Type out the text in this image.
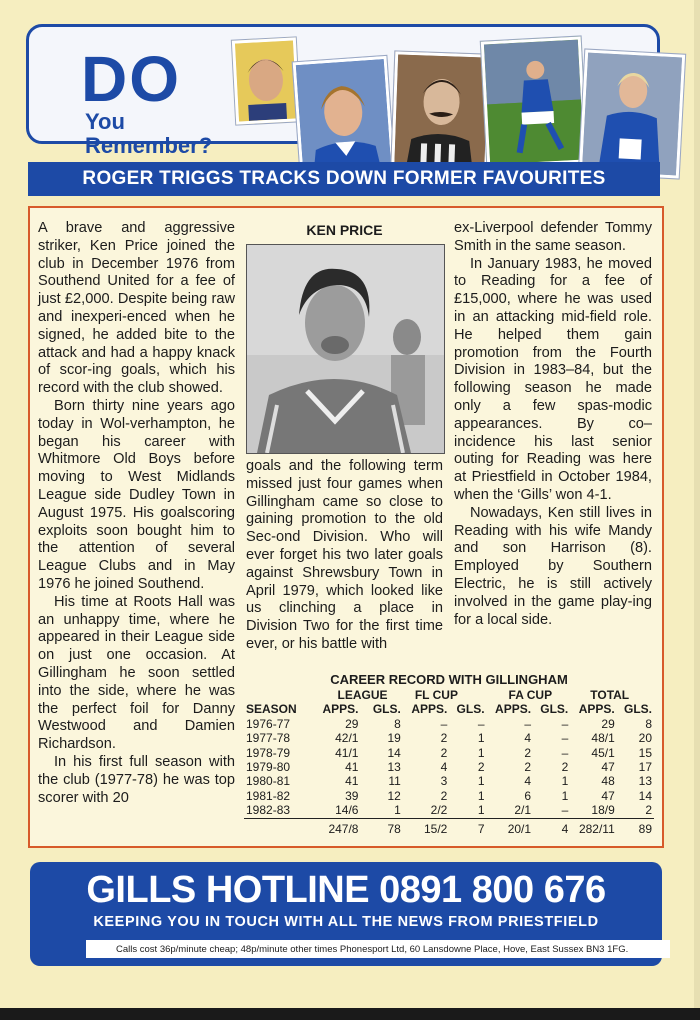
DO
You
Remember?
ROGER TRIGGS TRACKS DOWN FORMER FAVOURITES

A brave and aggressive striker, Ken Price joined the club in December 1976 from Southend United for a fee of just £2,000. Despite being raw and inexperi-enced when he signed, he added bite to the attack and had a happy knack of scor-ing goals, which his record with the club showed.

Born thirty nine years ago today in Wol-verhampton, he began his career with Whitmore Old Boys before moving to West Midlands League side Dudley Town in August 1975. His goalscoring exploits soon bought him to the attention of several League Clubs and in May 1976 he joined Southend.

His time at Roots Hall was an unhappy time, where he appeared in their League side on just one occasion. At Gillingham he soon settled into the side, where he was the perfect foil for Danny Westwood and Damien Richardson.

In his first full season with the club (1977-78) he was top scorer with 20

KEN PRICE

goals and the following term missed just four games when Gillingham came so close to gaining promotion to the old Sec-ond Division. Who will ever forget his two later goals against Shrewsbury Town in April 1979, which looked like us clinching a place in Division Two for the first time ever, or his battle with

ex-Liverpool defender Tommy Smith in the same season.

In January 1983, he moved to Reading for a fee of £15,000, where he was used in an attacking mid-field role. He helped them gain promotion from the Fourth Division in 1983–84, but the following season he made only a few spas-modic appearances. By co–incidence his last senior outing for Reading was here at Priestfield in October 1984, when the ‘Gills’ won 4-1.

Nowadays, Ken still lives in Reading with his wife Mandy and son Harrison (8). Employed by Southern Electric, he is still actively involved in the game play-ing for a local side.

CAREER RECORD WITH GILLINGHAM
	LEAGUE		FL CUP		FA CUP		TOTAL	
SEASON	APPS.	GLS.	APPS.	GLS.	APPS.	GLS.	APPS.	GLS.
1976-77	29	8	–	–	–	–	29	8
1977-78	42/1	19	2	1	4	–	48/1	20
1978-79	41/1	14	2	1	2	–	45/1	15
1979-80	41	13	4	2	2	2	47	17
1980-81	41	11	3	1	4	1	48	13
1981-82	39	12	2	1	6	1	47	14
1982-83	14/6	1	2/2	1	2/1	–	18/9	2
	247/8	78	15/2	7	20/1	4	282/11	89
GILLS HOTLINE 0891 800 676
KEEPING YOU IN TOUCH WITH ALL THE NEWS FROM PRIESTFIELD
Calls cost 36p/minute cheap; 48p/minute other times Phonesport Ltd, 60 Lansdowne Place, Hove, East Sussex BN3 1FG.
